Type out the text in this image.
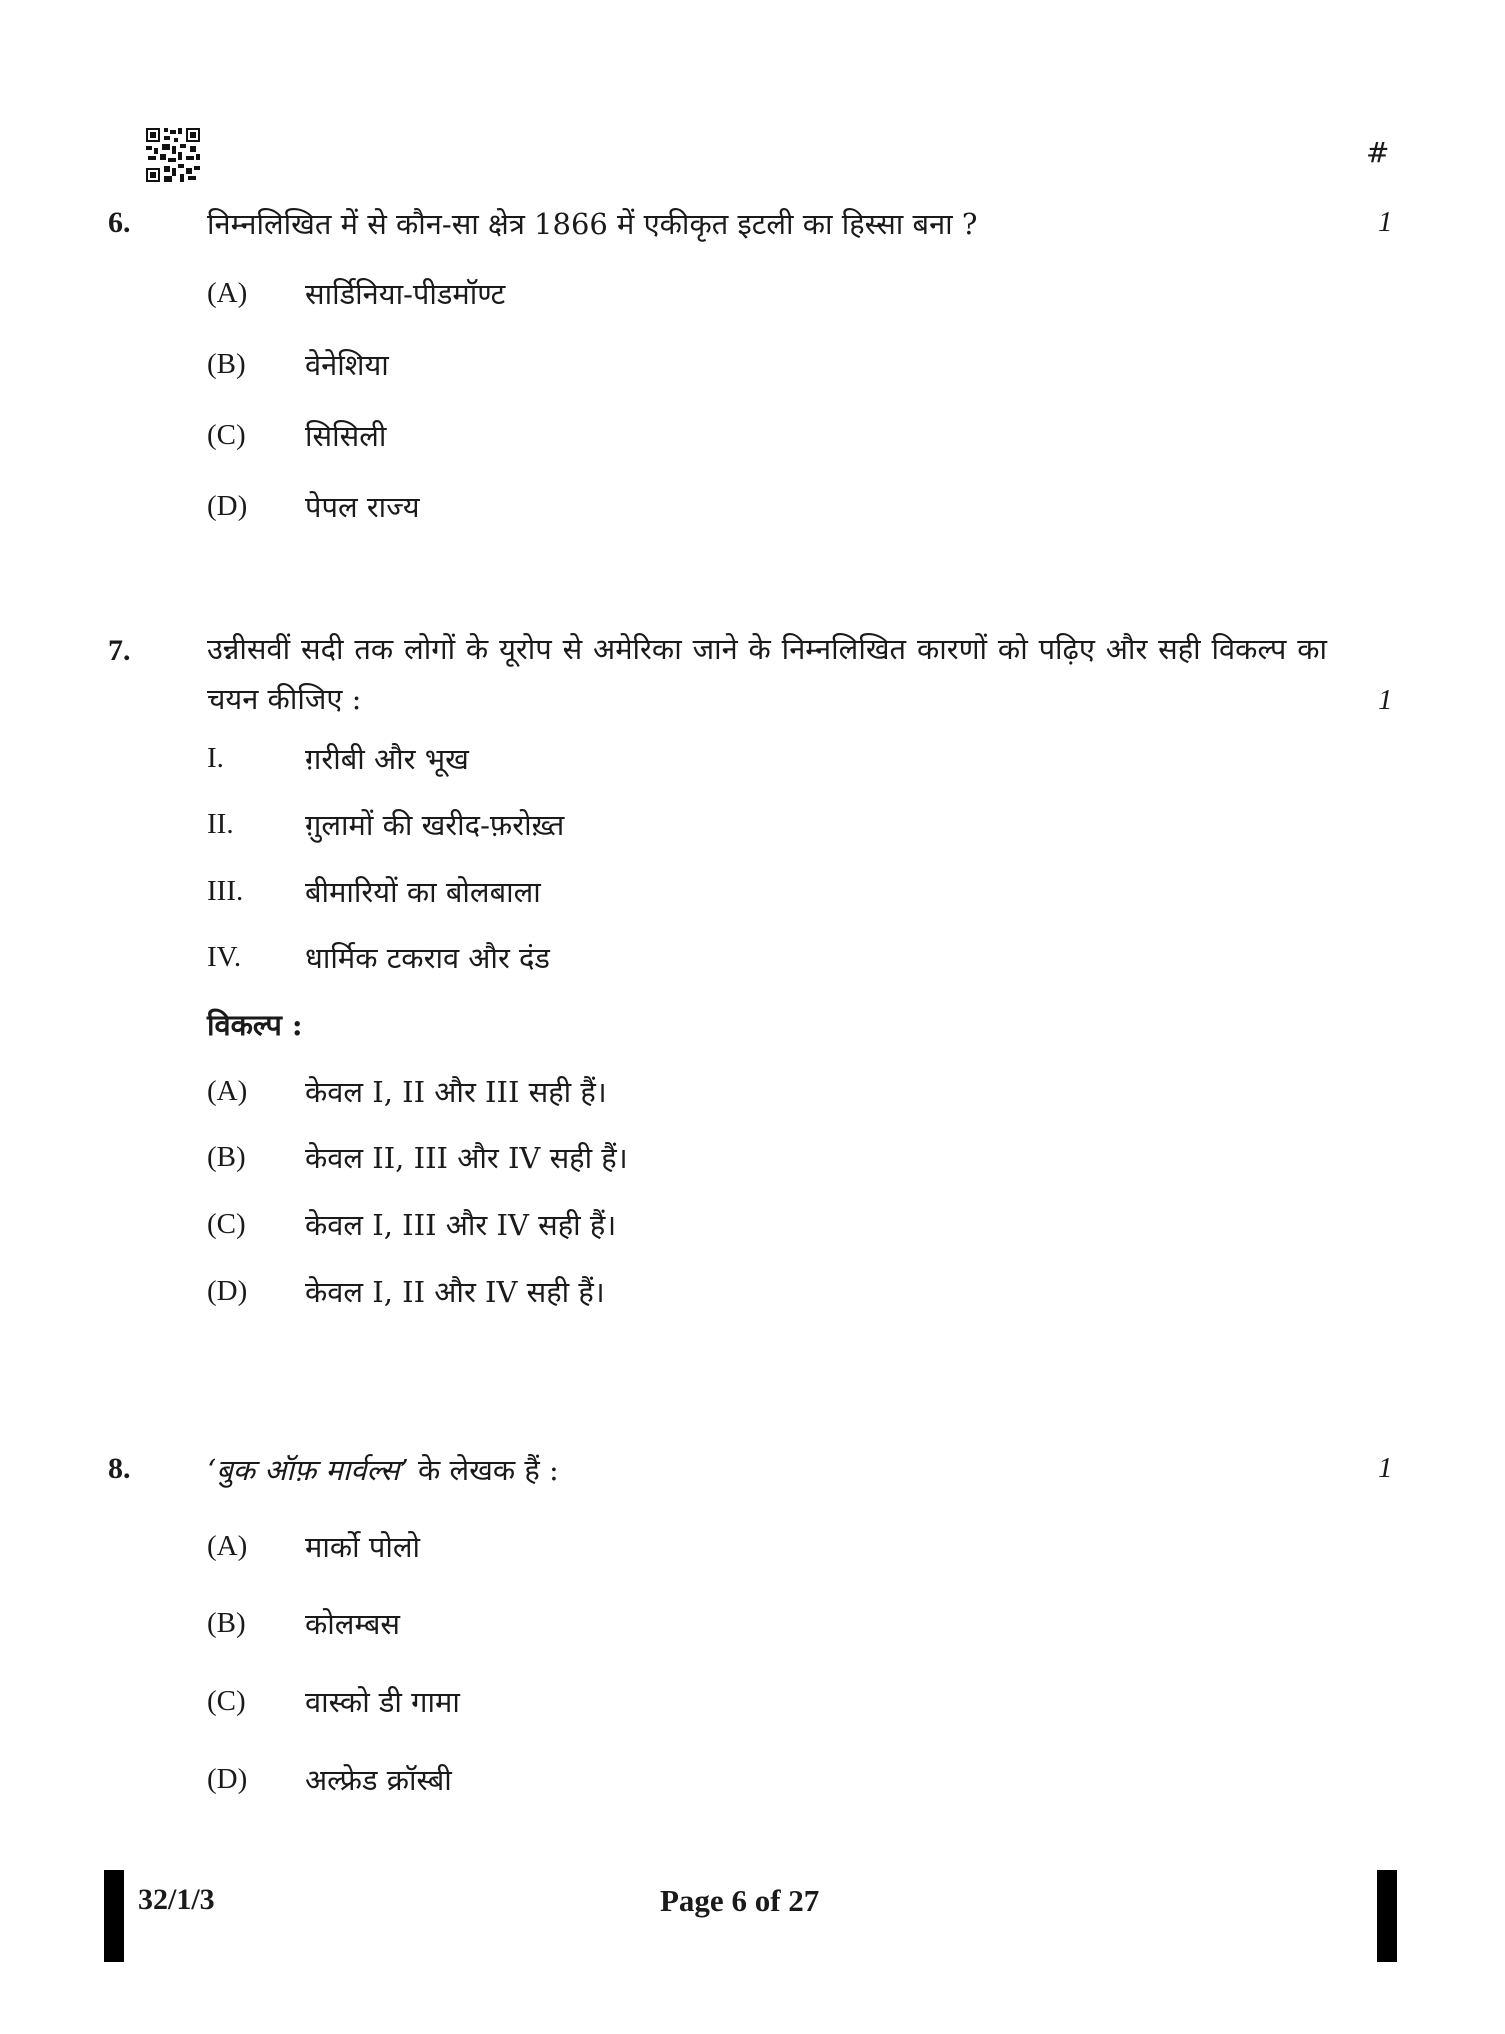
#
6.	निम्नलिखित में से कौन-सा क्षेत्र 1866 में एकीकृत इटली का हिस्सा बना ?	1
(A) सार्डिनिया-पीडमॉण्ट
(B) वेनेशिया
(C) सिसिली
(D) पेपल राज्य
7.	उन्नीसवीं सदी तक लोगों के यूरोप से अमेरिका जाने के निम्नलिखित कारणों को पढ़िए और सही विकल्प का चयन कीजिए :	1
I.	ग़रीबी और भूख
II. ग़ुलामों की खरीद-फ़रोख़्त
III. बीमारियों का बोलबाला
IV. धार्मिक टकराव और दंड
विकल्प :
(A) केवल I, II और III सही हैं।
(B) केवल II, III और IV सही हैं।
(C) केवल I, III और IV सही हैं।
(D) केवल I, II और IV सही हैं।
8.	‘बुक ऑफ़ मार्वल्स’ के लेखक हैं :	1
(A) मार्को पोलो
(B) कोलम्बस
(C) वास्को डी गामा
(D) अल्फ्रेड क्रॉस्बी
32/1/3	Page 6 of 27
